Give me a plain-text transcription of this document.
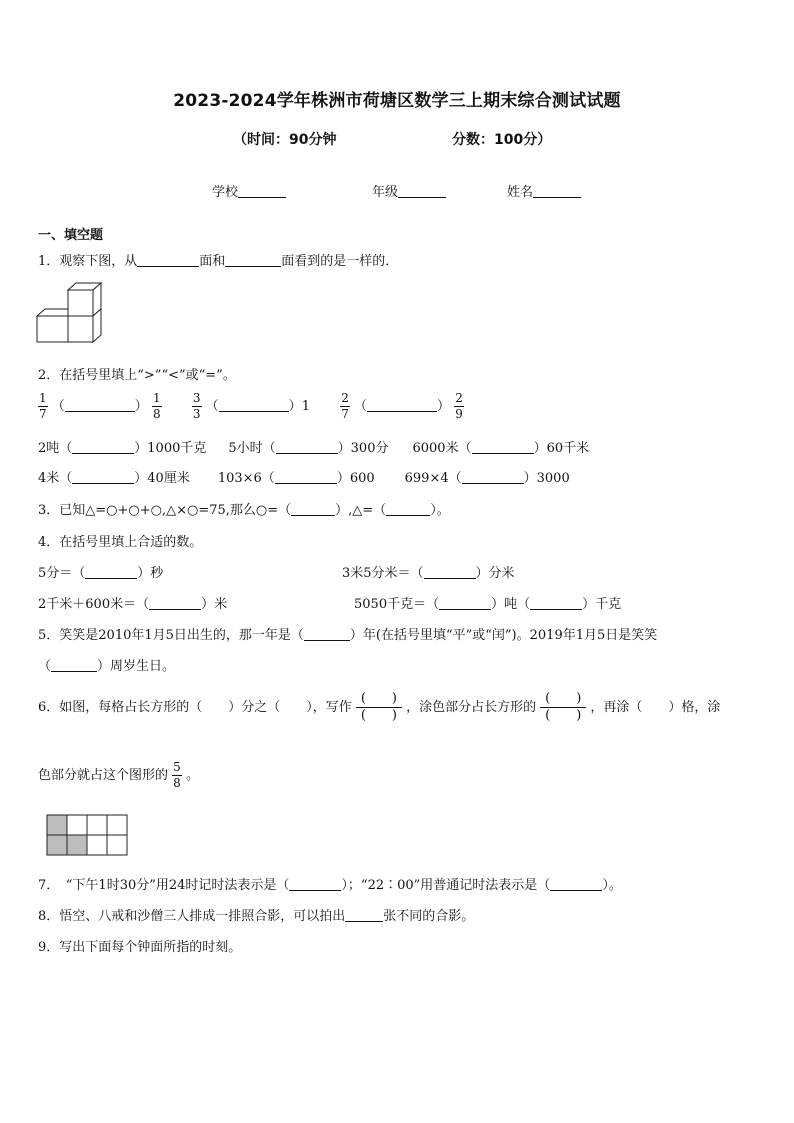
2023-2024学年株洲市荷塘区数学三上期末综合测试试题
（时间：90分钟	分数：100分）
学校	年级	姓名
一、填空题
1．观察下图，从	面和	面看到的是一样的．
2．在括号里填上“>”“<”或“=”。
$\frac{1}{7}$ （	） $\frac{1}{8}$
	$\frac{3}{3}$ （	）1	$\frac{2}{7}$ （	） $\frac{2}{9}$
2吨（	）1000千克 5小时（	）300分 6000米（	）60千米
4米（	）40厘米 103×6（	）600 699×4（	）3000
3．已知△=○+○+○,△×○=75,那么○=（	）,△=（	）。
4．在括号里填上合适的数。
5分＝（	）秒	3米5分米＝（	）分米
2千米＋600米＝（	）米	5050千克＝（	）吨（	）千克
5．笑笑是2010年1月5日出生的，那一年是（	）年(在括号里填“平”或“闰”)。2019年1月5日是笑笑
（	）周岁生日。
6．如图，每格占长方形的（　　）分之（　　），写作 $\frac{( )}{( )}$ ，涂色部分占长方形的 $\frac{( )}{( )}$ ，再涂（　　）格，涂
色部分就占这个图形的 $\frac{5}{8}$ 。
7．　“下午1时30分”用24时记时法表示是（	）；“22∶00”用普通记时法表示是（	）。
8．悟空、八戒和沙僧三人排成一排照合影，可以拍出	张不同的合影。
9．写出下面每个钟面所指的时刻。
